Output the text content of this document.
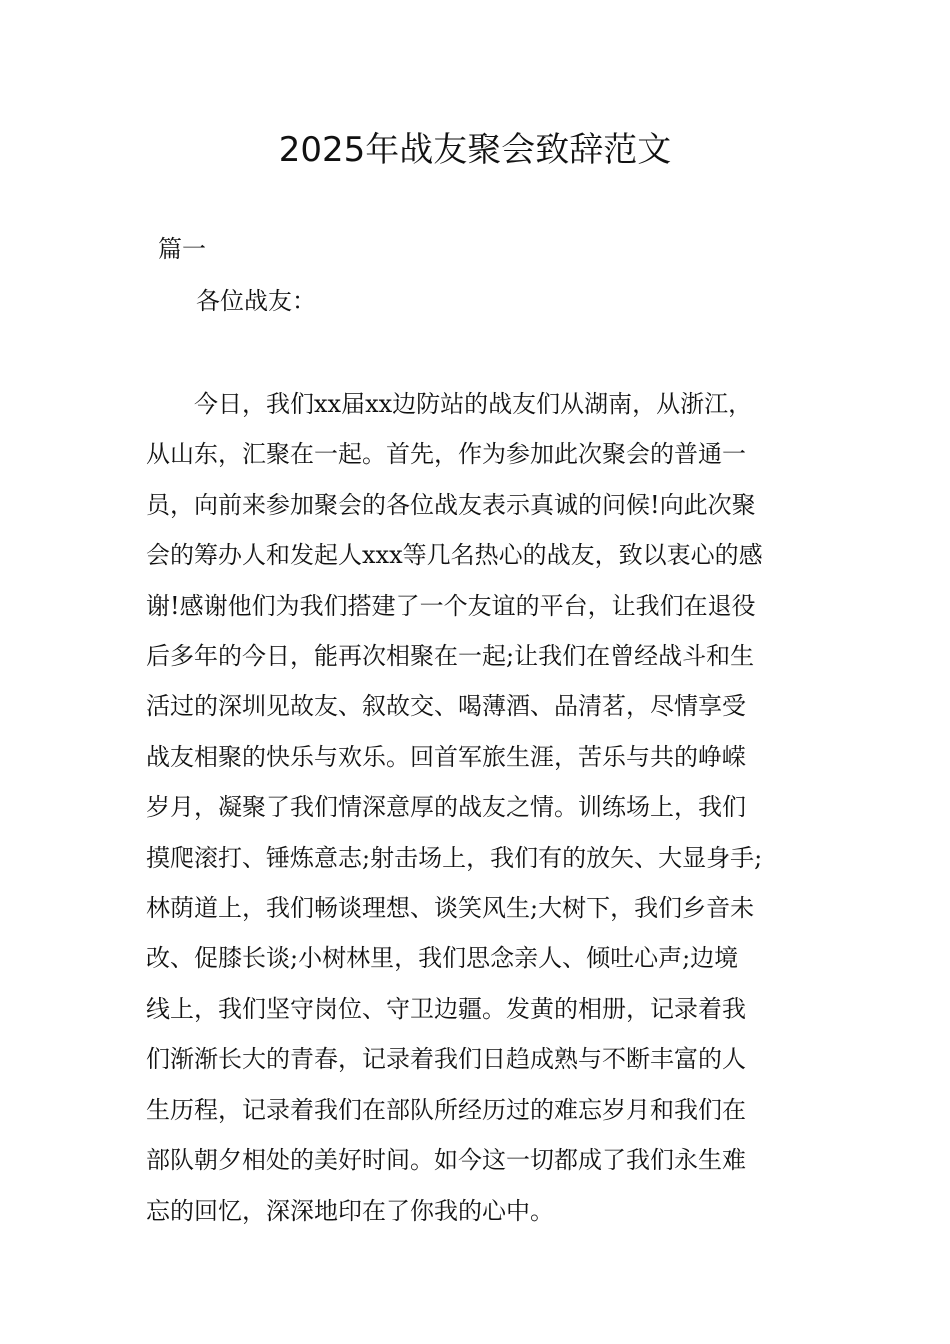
2025年战友聚会致辞范文

篇一

各位战友：

今日，我们xx届xx边防站的战友们从湖南，从浙江，
从山东，汇聚在一起。首先，作为参加此次聚会的普通一
员，向前来参加聚会的各位战友表示真诚的问候!向此次聚
会的筹办人和发起人xxx等几名热心的战友，致以衷心的感
谢!感谢他们为我们搭建了一个友谊的平台，让我们在退役
后多年的今日，能再次相聚在一起;让我们在曾经战斗和生
活过的深圳见故友、叙故交、喝薄酒、品清茗，尽情享受
战友相聚的快乐与欢乐。回首军旅生涯，苦乐与共的峥嵘
岁月，凝聚了我们情深意厚的战友之情。训练场上，我们
摸爬滚打、锤炼意志;射击场上，我们有的放矢、大显身手;
林荫道上，我们畅谈理想、谈笑风生;大树下，我们乡音未
改、促膝长谈;小树林里，我们思念亲人、倾吐心声;边境
线上，我们坚守岗位、守卫边疆。发黄的相册，记录着我
们渐渐长大的青春，记录着我们日趋成熟与不断丰富的人
生历程，记录着我们在部队所经历过的难忘岁月和我们在
部队朝夕相处的美好时间。如今这一切都成了我们永生难
忘的回忆，深深地印在了你我的心中。
